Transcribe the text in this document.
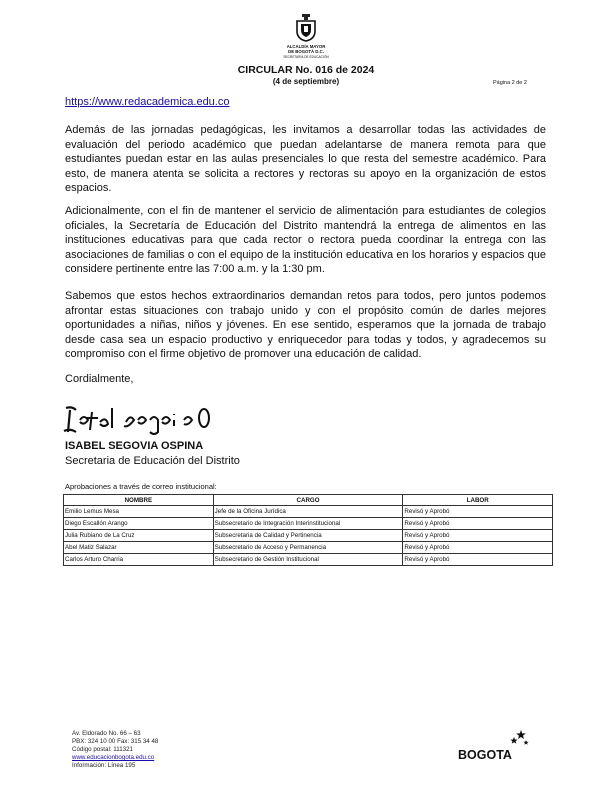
ALCALDÍA MAYOR
DE BOGOTÁ D.C.
SECRETARÍA DE EDUCACIÓN
CIRCULAR No. 016 de 2024
(4 de septiembre)	Página 2 de 2
https://www.redacademica.edu.co
Además de las jornadas pedagógicas, les invitamos a desarrollar todas las actividades de evaluación del periodo académico que puedan adelantarse de manera remota para que estudiantes puedan estar en las aulas presenciales lo que resta del semestre académico. Para esto, de manera atenta se solicita a rectores y rectoras su apoyo en la organización de estos espacios.
Adicionalmente, con el fin de mantener el servicio de alimentación para estudiantes de colegios oficiales, la Secretaría de Educación del Distrito mantendrá la entrega de alimentos en las instituciones educativas para que cada rector o rectora pueda coordinar la entrega con las asociaciones de familias o con el equipo de la institución educativa en los horarios y espacios que considere pertinente entre las 7:00 a.m. y la 1:30 pm.
Sabemos que estos hechos extraordinarios demandan retos para todos, pero juntos podemos afrontar estas situaciones con trabajo unido y con el propósito común de darles mejores oportunidades a niñas, niños y jóvenes. En ese sentido, esperamos que la jornada de trabajo desde casa sea un espacio productivo y enriquecedor para todas y todos, y agradecemos su compromiso con el firme objetivo de promover una educación de calidad.
Cordialmente,
ISABEL SEGOVIA OSPINA
Secretaria de Educación del Distrito
Aprobaciones a través de correo institucional:
NOMBRE	CARGO	LABOR
Emilio Lemus Mesa	Jefe de la Oficina Jurídica	Revisó y Aprobó
Diego Escallón Arango	Subsecretario de Integración Interinstitucional	Revisó y Aprobó
Julia Rubiano de La Cruz	Subsecretaria de Calidad y Pertinencia	Revisó y Aprobó
Abel Matiz Salazar	Subsecretario de Acceso y Permanencia	Revisó y Aprobó
Carlos Arturo Charria	Subsecretario de Gestión Institucional	Revisó y Aprobó
Av. Eldorado No. 66 – 63
PBX: 324 10 00 Fax: 315 34 48
Código postal: 111321
www.educacionbogota.edu.co
Información: Línea 195
BOGOTA
